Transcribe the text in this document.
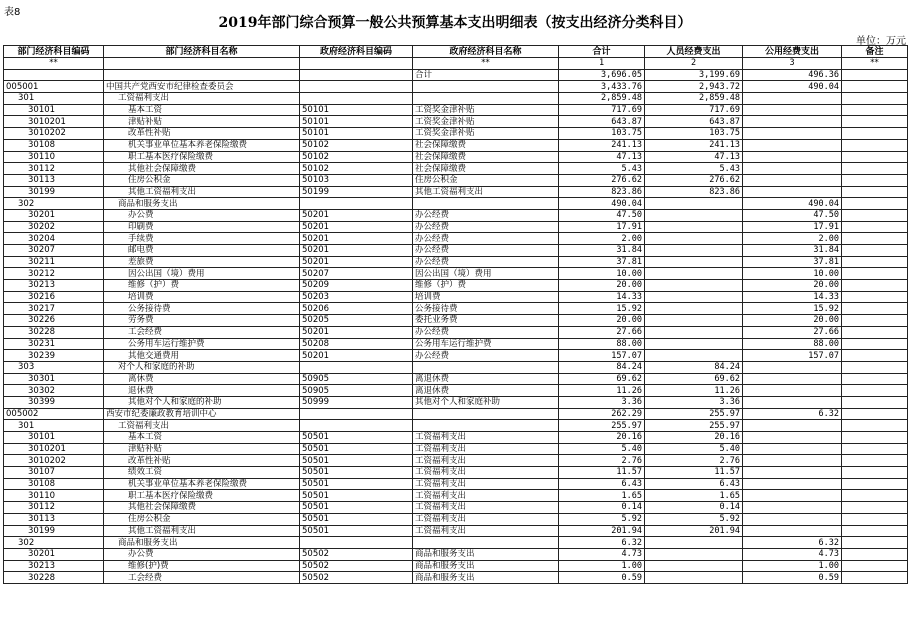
表8
2019年部门综合预算一般公共预算基本支出明细表（按支出经济分类科目）
单位：万元
部门经济科目编码	部门经济科目名称	政府经济科目编码	政府经济科目名称	合计	人员经费支出	公用经费支出	备注
**			**	1	2	3	**
			合计	3,696.05	3,199.69	496.36	
005001	中国共产党西安市纪律检查委员会			3,433.76	2,943.72	490.04	
301	工资福利支出			2,859.48	2,859.48		
30101	基本工资	50101	工资奖金津补贴	717.69	717.69		
3010201	津贴补贴	50101	工资奖金津补贴	643.87	643.87		
3010202	改革性补贴	50101	工资奖金津补贴	103.75	103.75		
30108	机关事业单位基本养老保险缴费	50102	社会保障缴费	241.13	241.13		
30110	职工基本医疗保险缴费	50102	社会保障缴费	47.13	47.13		
30112	其他社会保障缴费	50102	社会保障缴费	5.43	5.43		
30113	住房公积金	50103	住房公积金	276.62	276.62		
30199	其他工资福利支出	50199	其他工资福利支出	823.86	823.86		
302	商品和服务支出			490.04		490.04	
30201	办公费	50201	办公经费	47.50		47.50	
30202	印刷费	50201	办公经费	17.91		17.91	
30204	手续费	50201	办公经费	2.00		2.00	
30207	邮电费	50201	办公经费	31.84		31.84	
30211	差旅费	50201	办公经费	37.81		37.81	
30212	因公出国（境）费用	50207	因公出国（境）费用	10.00		10.00	
30213	维修（护）费	50209	维修（护）费	20.00		20.00	
30216	培训费	50203	培训费	14.33		14.33	
30217	公务接待费	50206	公务接待费	15.92		15.92	
30226	劳务费	50205	委托业务费	20.00		20.00	
30228	工会经费	50201	办公经费	27.66		27.66	
30231	公务用车运行维护费	50208	公务用车运行维护费	88.00		88.00	
30239	其他交通费用	50201	办公经费	157.07		157.07	
303	对个人和家庭的补助			84.24	84.24		
30301	离休费	50905	离退休费	69.62	69.62		
30302	退休费	50905	离退休费	11.26	11.26		
30399	其他对个人和家庭的补助	50999	其他对个人和家庭补助	3.36	3.36		
005002	西安市纪委廉政教育培训中心			262.29	255.97	6.32	
301	工资福利支出			255.97	255.97		
30101	基本工资	50501	工资福利支出	20.16	20.16		
3010201	津贴补贴	50501	工资福利支出	5.40	5.40		
3010202	改革性补贴	50501	工资福利支出	2.76	2.76		
30107	绩效工资	50501	工资福利支出	11.57	11.57		
30108	机关事业单位基本养老保险缴费	50501	工资福利支出	6.43	6.43		
30110	职工基本医疗保险缴费	50501	工资福利支出	1.65	1.65		
30112	其他社会保障缴费	50501	工资福利支出	0.14	0.14		
30113	住房公积金	50501	工资福利支出	5.92	5.92		
30199	其他工资福利支出	50501	工资福利支出	201.94	201.94		
302	商品和服务支出			6.32		6.32	
30201	办公费	50502	商品和服务支出	4.73		4.73	
30213	维修(护)费	50502	商品和服务支出	1.00		1.00	
30228	工会经费	50502	商品和服务支出	0.59		0.59	
